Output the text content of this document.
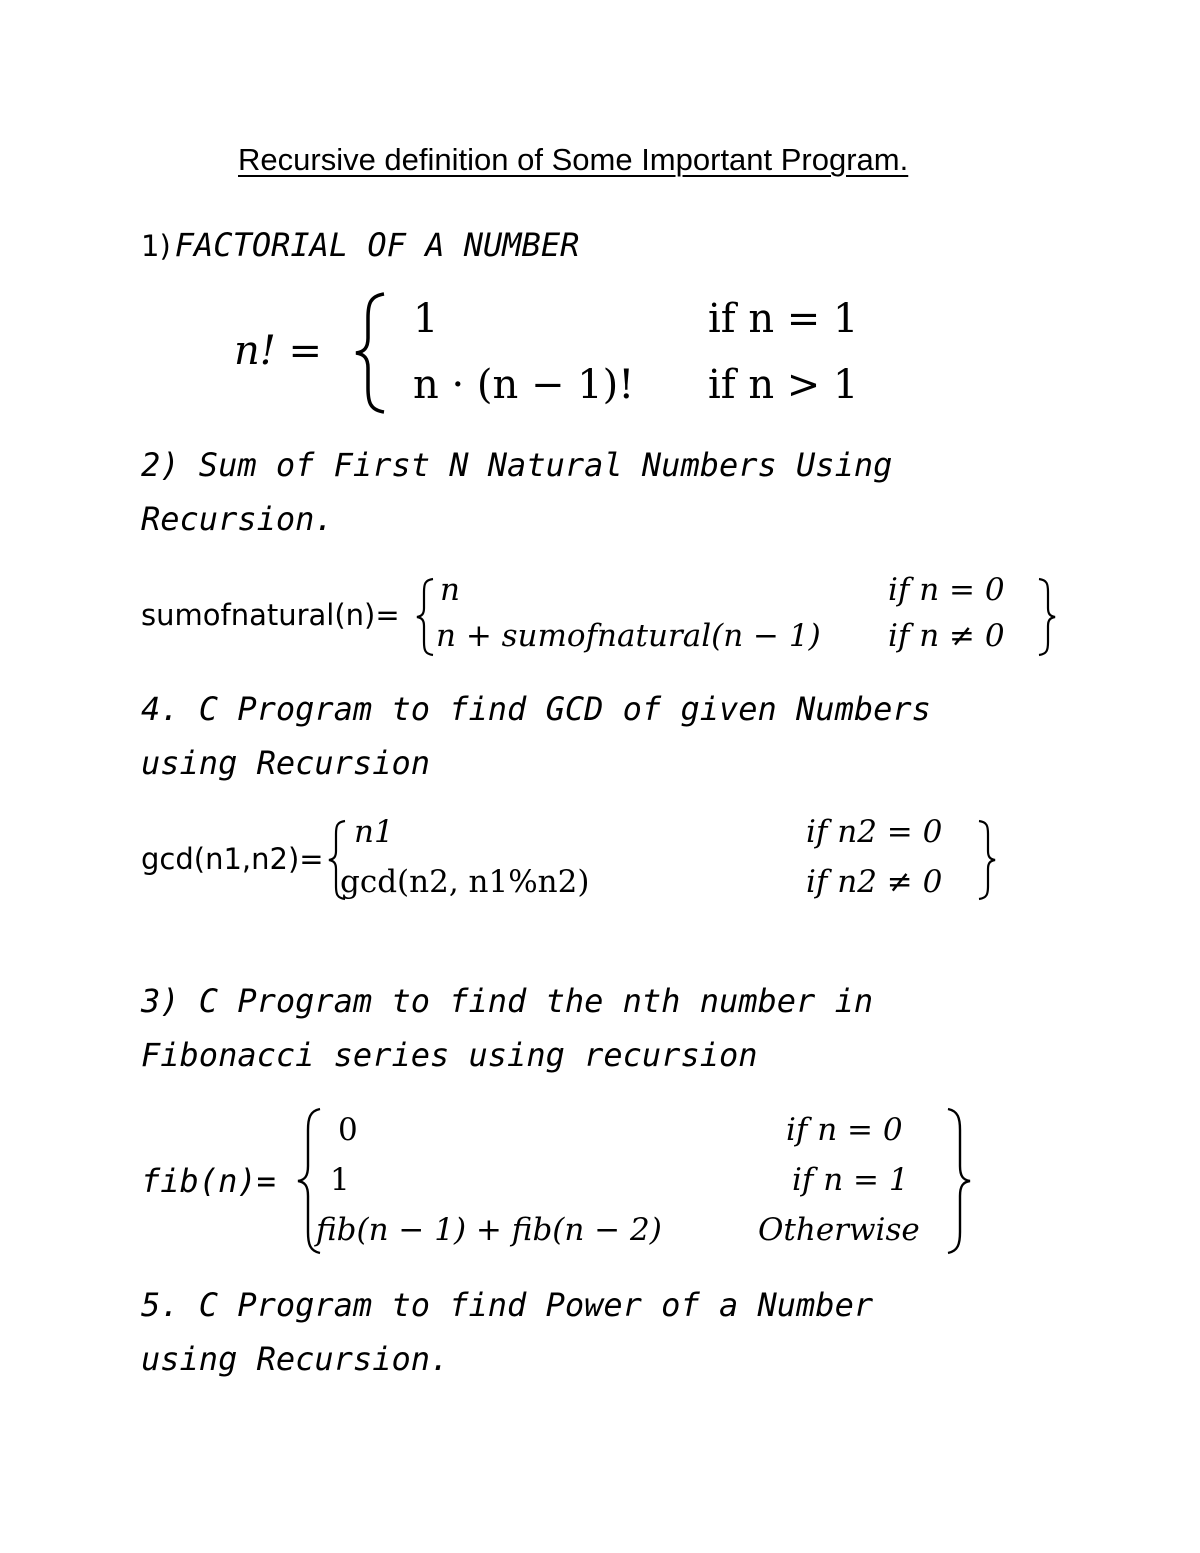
Recursive definition of Some Important Program.
1) FACTORIAL OF A NUMBER
n! =
1	if n = 1
n · (n − 1)! if n > 1
2) Sum of First N Natural Numbers Using
Recursion.
sumofnatural(n)=
n	if n = 0
n + sumofnatural(n − 1) if n ≠ 0
4. C Program to find GCD of given Numbers
using Recursion
gcd(n1,n2)=
n1	if n2 = 0
gcd(n2, n1%n2)	if n2 ≠ 0
3) C Program to find the nth number in
Fibonacci series using recursion
fib(n)=
0	if n = 0
1	if n = 1
fib(n − 1) + fib(n − 2)	Otherwise
5. C Program to find Power of a Number
using Recursion.
